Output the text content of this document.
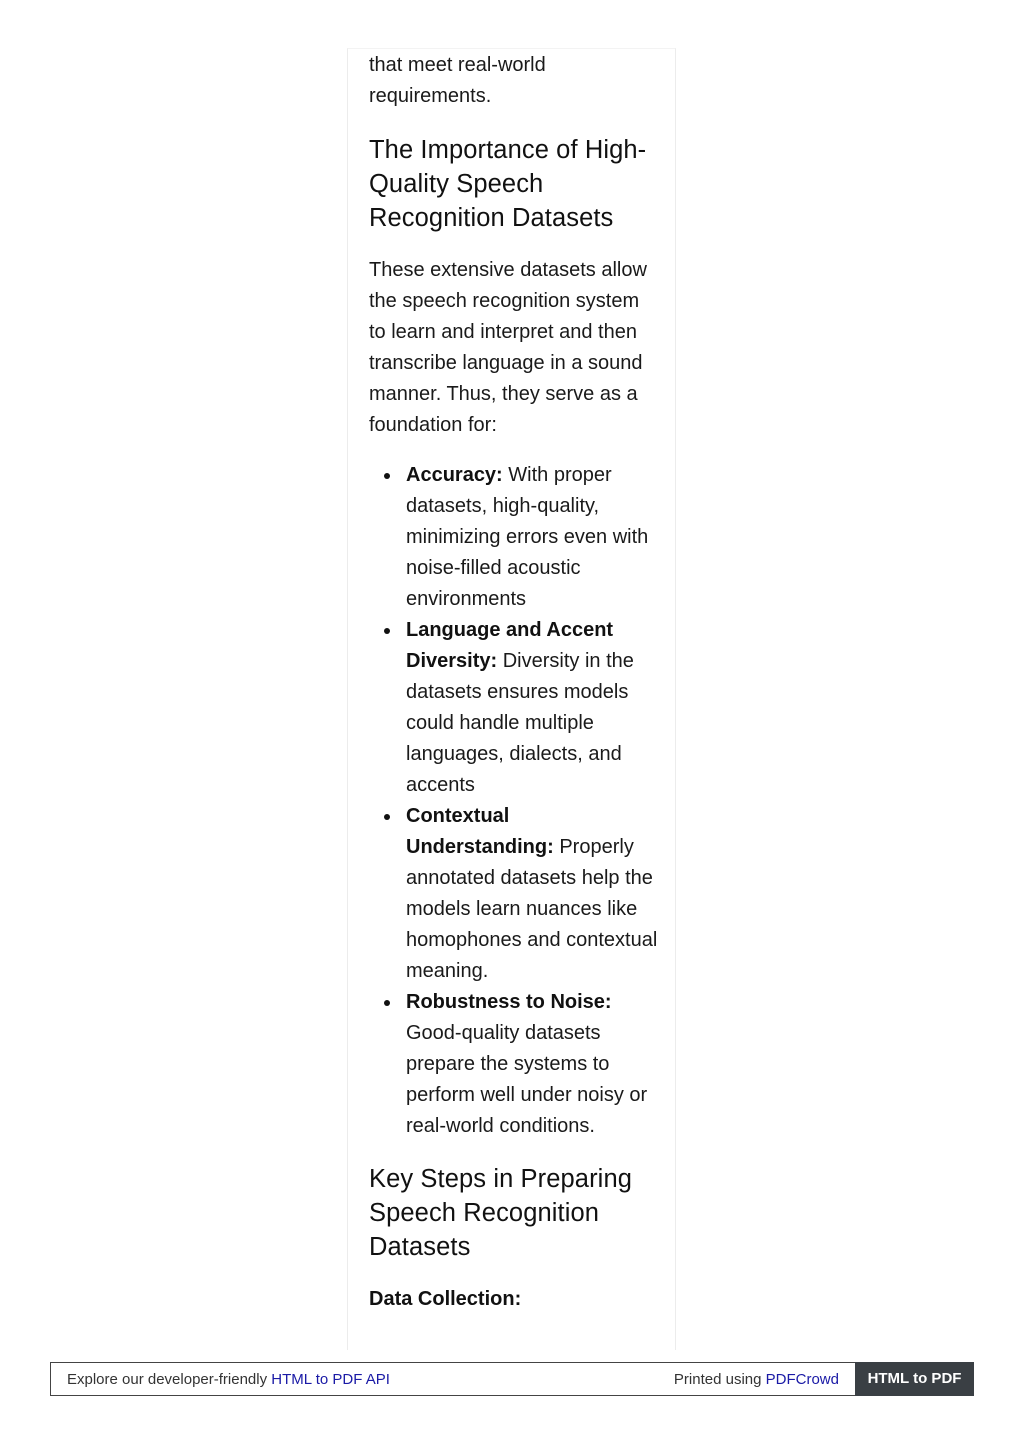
that meet real-world requirements.

The Importance of High-Quality Speech Recognition Datasets

These extensive datasets allow the speech recognition system to learn and interpret and then transcribe language in a sound manner. Thus, they serve as a foundation for:

Accuracy: With proper datasets, high-quality, minimizing errors even with noise-filled acoustic environments
Language and Accent Diversity: Diversity in the datasets ensures models could handle multiple languages, dialects, and accents
Contextual Understanding: Properly annotated datasets help the models learn nuances like homophones and contextual meaning.
Robustness to Noise: Good-quality datasets prepare the systems to perform well under noisy or real-world conditions.
Key Steps in Preparing Speech Recognition Datasets

Data Collection:

Explore our developer-friendly HTML to PDF API	Printed using PDFCrowd	HTML to PDF
